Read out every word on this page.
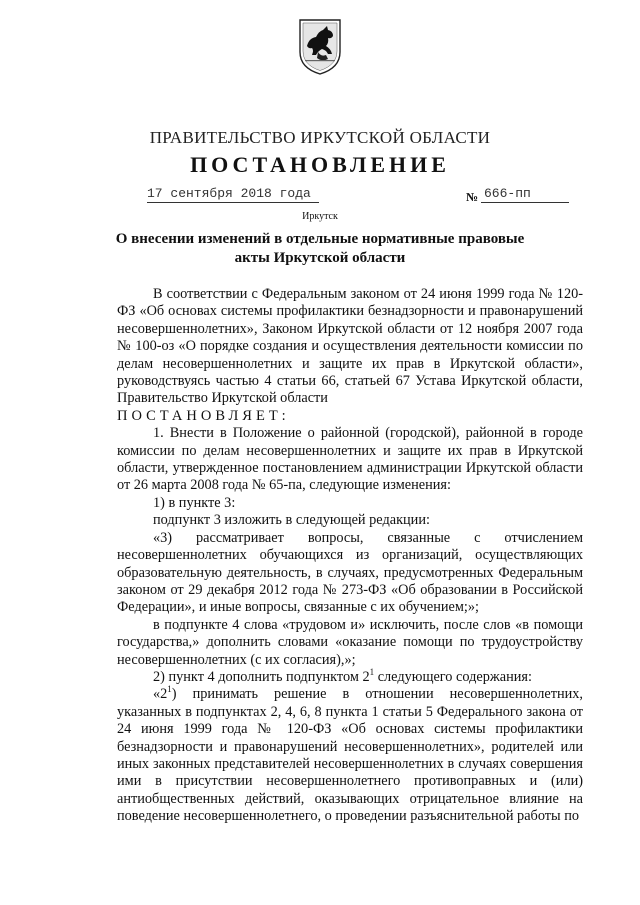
ПРАВИТЕЛЬСТВО ИРКУТСКОЙ ОБЛАСТИ
ПОСТАНОВЛЕНИЕ
17 сентября 2018 года	№ 666-пп
Иркутск
О внесении изменений в отдельные нормативные правовые акты Иркутской области

В соответствии с Федеральным законом от 24 июня 1999 года № 120-ФЗ «Об основах системы профилактики безнадзорности и правонарушений несовершеннолетних», Законом Иркутской области от 12 ноября 2007 года № 100-оз «О порядке создания и осуществления деятельности комиссии по делам несовершеннолетних и защите их прав в Иркутской области», руководствуясь частью 4 статьи 66, статьей 67 Устава Иркутской области, Правительство Иркутской области

ПОСТАНОВЛЯЕТ:

1. Внести в Положение о районной (городской), районной в городе комиссии по делам несовершеннолетних и защите их прав в Иркутской области, утвержденное постановлением администрации Иркутской области от 26 марта 2008 года № 65-па, следующие изменения:

1) в пункте 3:

подпункт 3 изложить в следующей редакции:

«3) рассматривает вопросы, связанные с отчислением несовершеннолетних обучающихся из организаций, осуществляющих образовательную деятельность, в случаях, предусмотренных Федеральным законом от 29 декабря 2012 года № 273-ФЗ «Об образовании в Российской Федерации», и иные вопросы, связанные с их обучением;»;

в подпункте 4 слова «трудовом и» исключить, после слов «в помощи государства,» дополнить словами «оказание помощи по трудоустройству несовершеннолетних (с их согласия),»;

2) пункт 4 дополнить подпунктом $2^1$ следующего содержания:

«$2^1$) принимать решение в отношении несовершеннолетних, указанных в подпунктах 2, 4, 6, 8 пункта 1 статьи 5 Федерального закона от 24 июня 1999 года № 120-ФЗ «Об основах системы профилактики безнадзорности и правонарушений несовершеннолетних», родителей или иных законных представителей несовершеннолетних в случаях совершения ими в присутствии несовершеннолетнего противоправных и (или) антиобщественных действий, оказывающих отрицательное влияние на поведение несовершеннолетнего, о проведении разъяснительной работы по
